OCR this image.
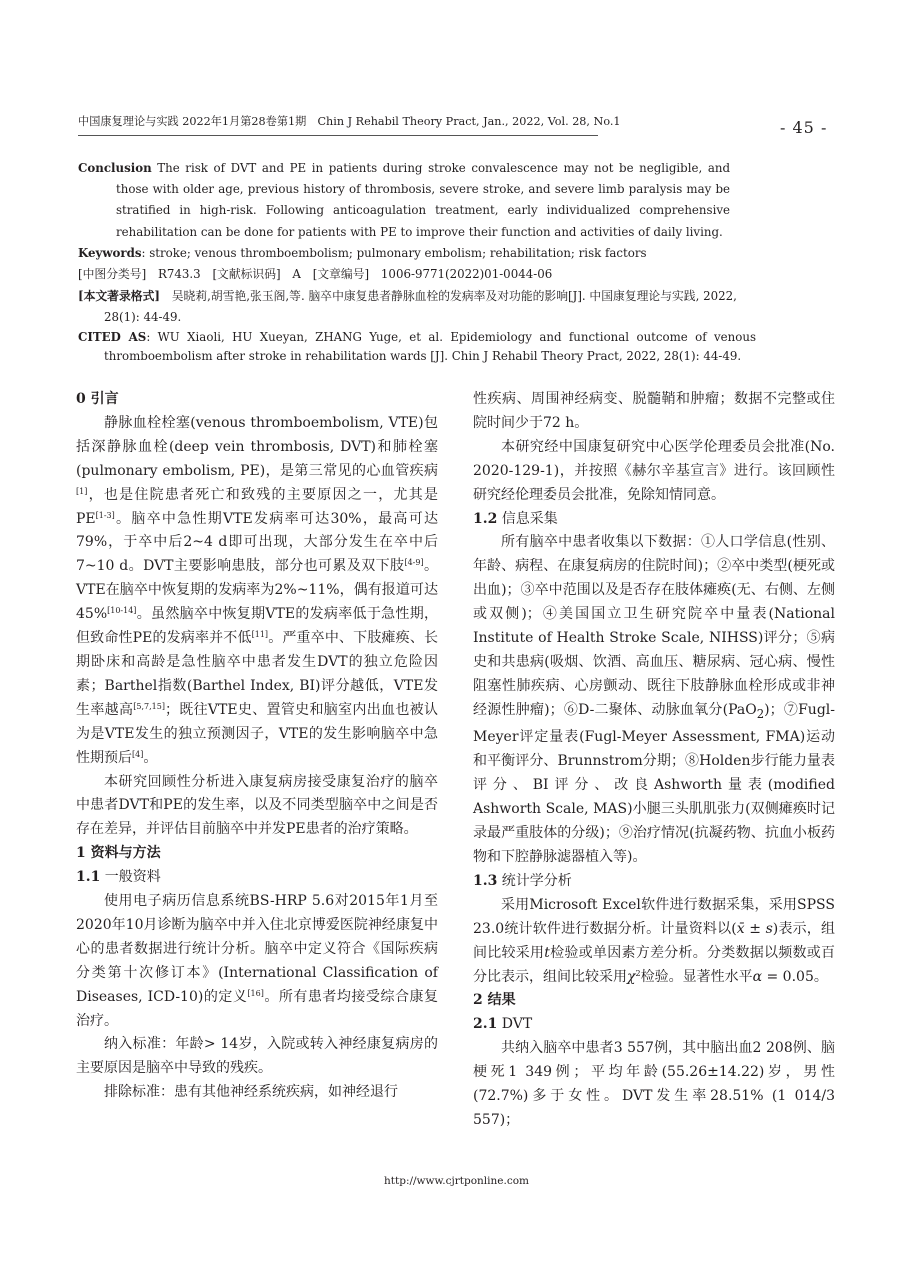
中国康复理论与实践 2022年1月第28卷第1期　Chin J Rehabil Theory Pract, Jan., 2022, Vol. 28, No.1	- 45 -
Conclusion The risk of DVT and PE in patients during stroke convalescence may not be negligible, and those with older age, previous history of thrombosis, severe stroke, and severe limb paralysis may be stratified in high-risk. Following anticoagulation treatment, early individualized comprehensive rehabilitation can be done for patients with PE to improve their function and activities of daily living.
Keywords: stroke; venous thromboembolism; pulmonary embolism; rehabilitation; risk factors
[中图分类号]　R743.3　[文献标识码]　A　[文章编号]　1006-9771(2022)01-0044-06
[本文著录格式]　吴晓莉,胡雪艳,张玉阁,等. 脑卒中康复患者静脉血栓的发病率及对功能的影响[J]. 中国康复理论与实践, 2022, 28(1): 44-49.
CITED AS: WU Xiaoli, HU Xueyan, ZHANG Yuge, et al. Epidemiology and functional outcome of venous thromboembolism after stroke in rehabilitation wards [J]. Chin J Rehabil Theory Pract, 2022, 28(1): 44-49.
0 引言

静脉血栓栓塞(venous thromboembolism, VTE)包括深静脉血栓(deep vein thrombosis, DVT)和肺栓塞(pulmonary embolism, PE)，是第三常见的心血管疾病[1]，也是住院患者死亡和致残的主要原因之一，尤其是PE[1-3]。脑卒中急性期VTE发病率可达30%，最高可达79%，于卒中后2~4 d即可出现，大部分发生在卒中后7~10 d。DVT主要影响患肢，部分也可累及双下肢[4-9]。VTE在脑卒中恢复期的发病率为2%~11%，偶有报道可达45%[10-14]。虽然脑卒中恢复期VTE的发病率低于急性期，但致命性PE的发病率并不低[11]。严重卒中、下肢瘫痪、长期卧床和高龄是急性脑卒中患者发生DVT的独立危险因素；Barthel指数(Barthel Index, BI)评分越低，VTE发生率越高[5,7,15]；既往VTE史、置管史和脑室内出血也被认为是VTE发生的独立预测因子，VTE的发生影响脑卒中急性期预后[4]。

本研究回顾性分析进入康复病房接受康复治疗的脑卒中患者DVT和PE的发生率，以及不同类型脑卒中之间是否存在差异，并评估目前脑卒中并发PE患者的治疗策略。

1 资料与方法
1.1 一般资料

使用电子病历信息系统BS-HRP 5.6对2015年1月至2020年10月诊断为脑卒中并入住北京博爱医院神经康复中心的患者数据进行统计分析。脑卒中定义符合《国际疾病分类第十次修订本》(International Classification of Diseases, ICD-10)的定义[16]。所有患者均接受综合康复治疗。

纳入标准：年龄> 14岁，入院或转入神经康复病房的主要原因是脑卒中导致的残疾。

排除标准：患有其他神经系统疾病，如神经退行

性疾病、周围神经病变、脱髓鞘和肿瘤；数据不完整或住院时间少于72 h。

本研究经中国康复研究中心医学伦理委员会批准(No. 2020-129-1)，并按照《赫尔辛基宣言》进行。该回顾性研究经伦理委员会批准，免除知情同意。

1.2 信息采集

所有脑卒中患者收集以下数据：①人口学信息(性别、年龄、病程、在康复病房的住院时间)；②卒中类型(梗死或出血)；③卒中范围以及是否存在肢体瘫痪(无、右侧、左侧或双侧)；④美国国立卫生研究院卒中量表(National Institute of Health Stroke Scale, NIHSS)评分；⑤病史和共患病(吸烟、饮酒、高血压、糖尿病、冠心病、慢性阻塞性肺疾病、心房颤动、既往下肢静脉血栓形成或非神经源性肿瘤)；⑥D-二聚体、动脉血氧分(PaO$_2$)；⑦Fugl-Meyer评定量表(Fugl-Meyer Assessment, FMA)运动和平衡评分、Brunnstrom分期；⑧Holden步行能力量表评分、BI评分、改良Ashworth量表(modified Ashworth Scale, MAS)小腿三头肌肌张力(双侧瘫痪时记录最严重肢体的分级)；⑨治疗情况(抗凝药物、抗血小板药物和下腔静脉滤器植入等)。

1.3 统计学分析

采用Microsoft Excel软件进行数据采集，采用SPSS 23.0统计软件进行数据分析。计量资料以(x̄ ± s)表示，组间比较采用t检验或单因素方差分析。分类数据以频数或百分比表示，组间比较采用$\chi^2$检验。显著性水平α = 0.05。

2 结果
2.1 DVT

共纳入脑卒中患者3 557例，其中脑出血2 208例、脑梗死1 349例；平均年龄(55.26±14.22)岁，男性(72.7%)多于女性。DVT发生率28.51% (1 014/3 557)；

http://www.cjrtponline.com
